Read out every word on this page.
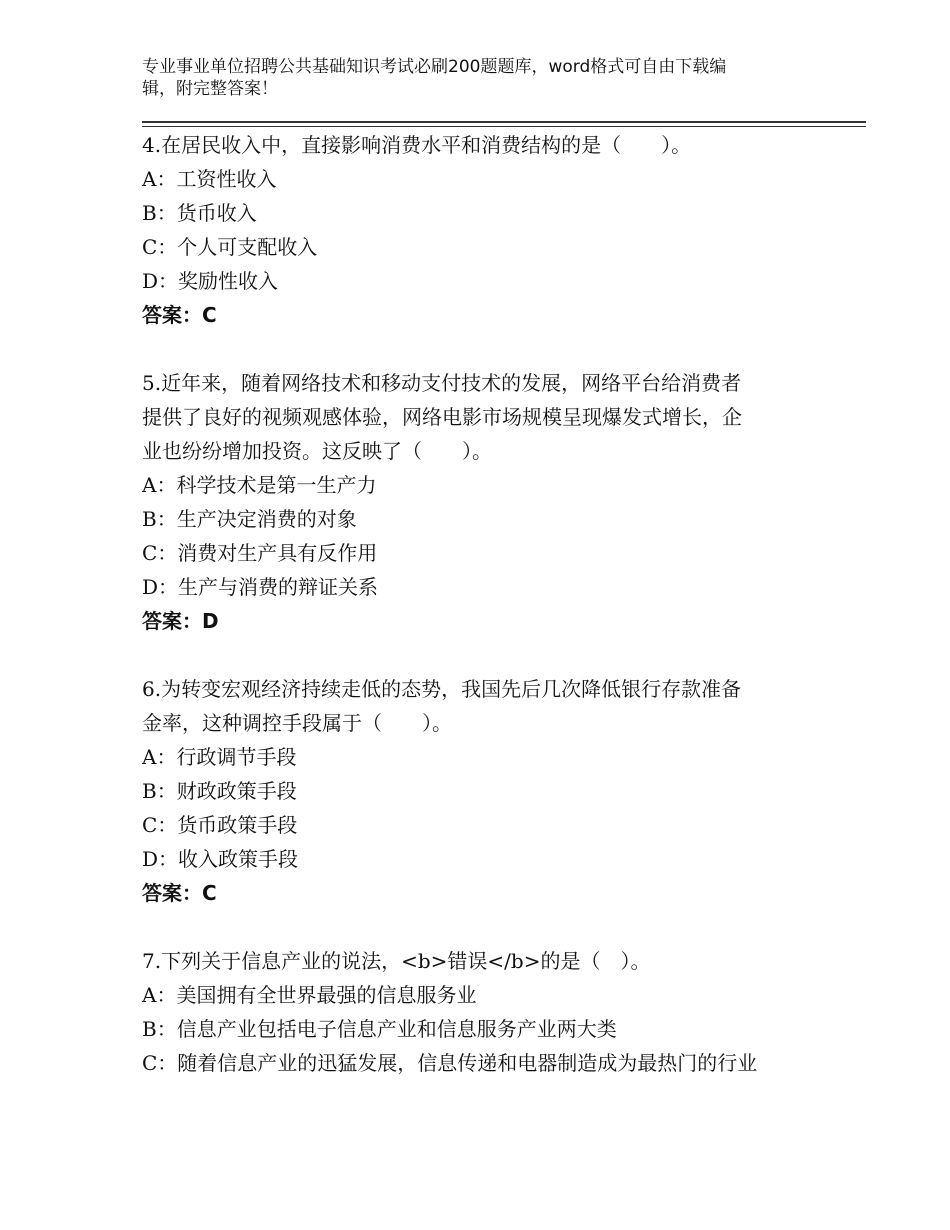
专业事业单位招聘公共基础知识考试必刷200题题库，word格式可自由下载编
辑，附完整答案！
4.在居民收入中，直接影响消费水平和消费结构的是（　　）。
A：工资性收入
B：货币收入
C：个人可支配收入
D：奖励性收入
答案：C
5.近年来，随着网络技术和移动支付技术的发展，网络平台给消费者
提供了良好的视频观感体验，网络电影市场规模呈现爆发式增长，企
业也纷纷增加投资。这反映了（　　）。
A：科学技术是第一生产力
B：生产决定消费的对象
C：消费对生产具有反作用
D：生产与消费的辩证关系
答案：D
6.为转变宏观经济持续走低的态势，我国先后几次降低银行存款准备
金率，这种调控手段属于（　　）。
A：行政调节手段
B：财政政策手段
C：货币政策手段
D：收入政策手段
答案：C
7.下列关于信息产业的说法，<b>错误</b>的是（　）。
A：美国拥有全世界最强的信息服务业
B：信息产业包括电子信息产业和信息服务产业两大类
C：随着信息产业的迅猛发展，信息传递和电器制造成为最热门的行业
